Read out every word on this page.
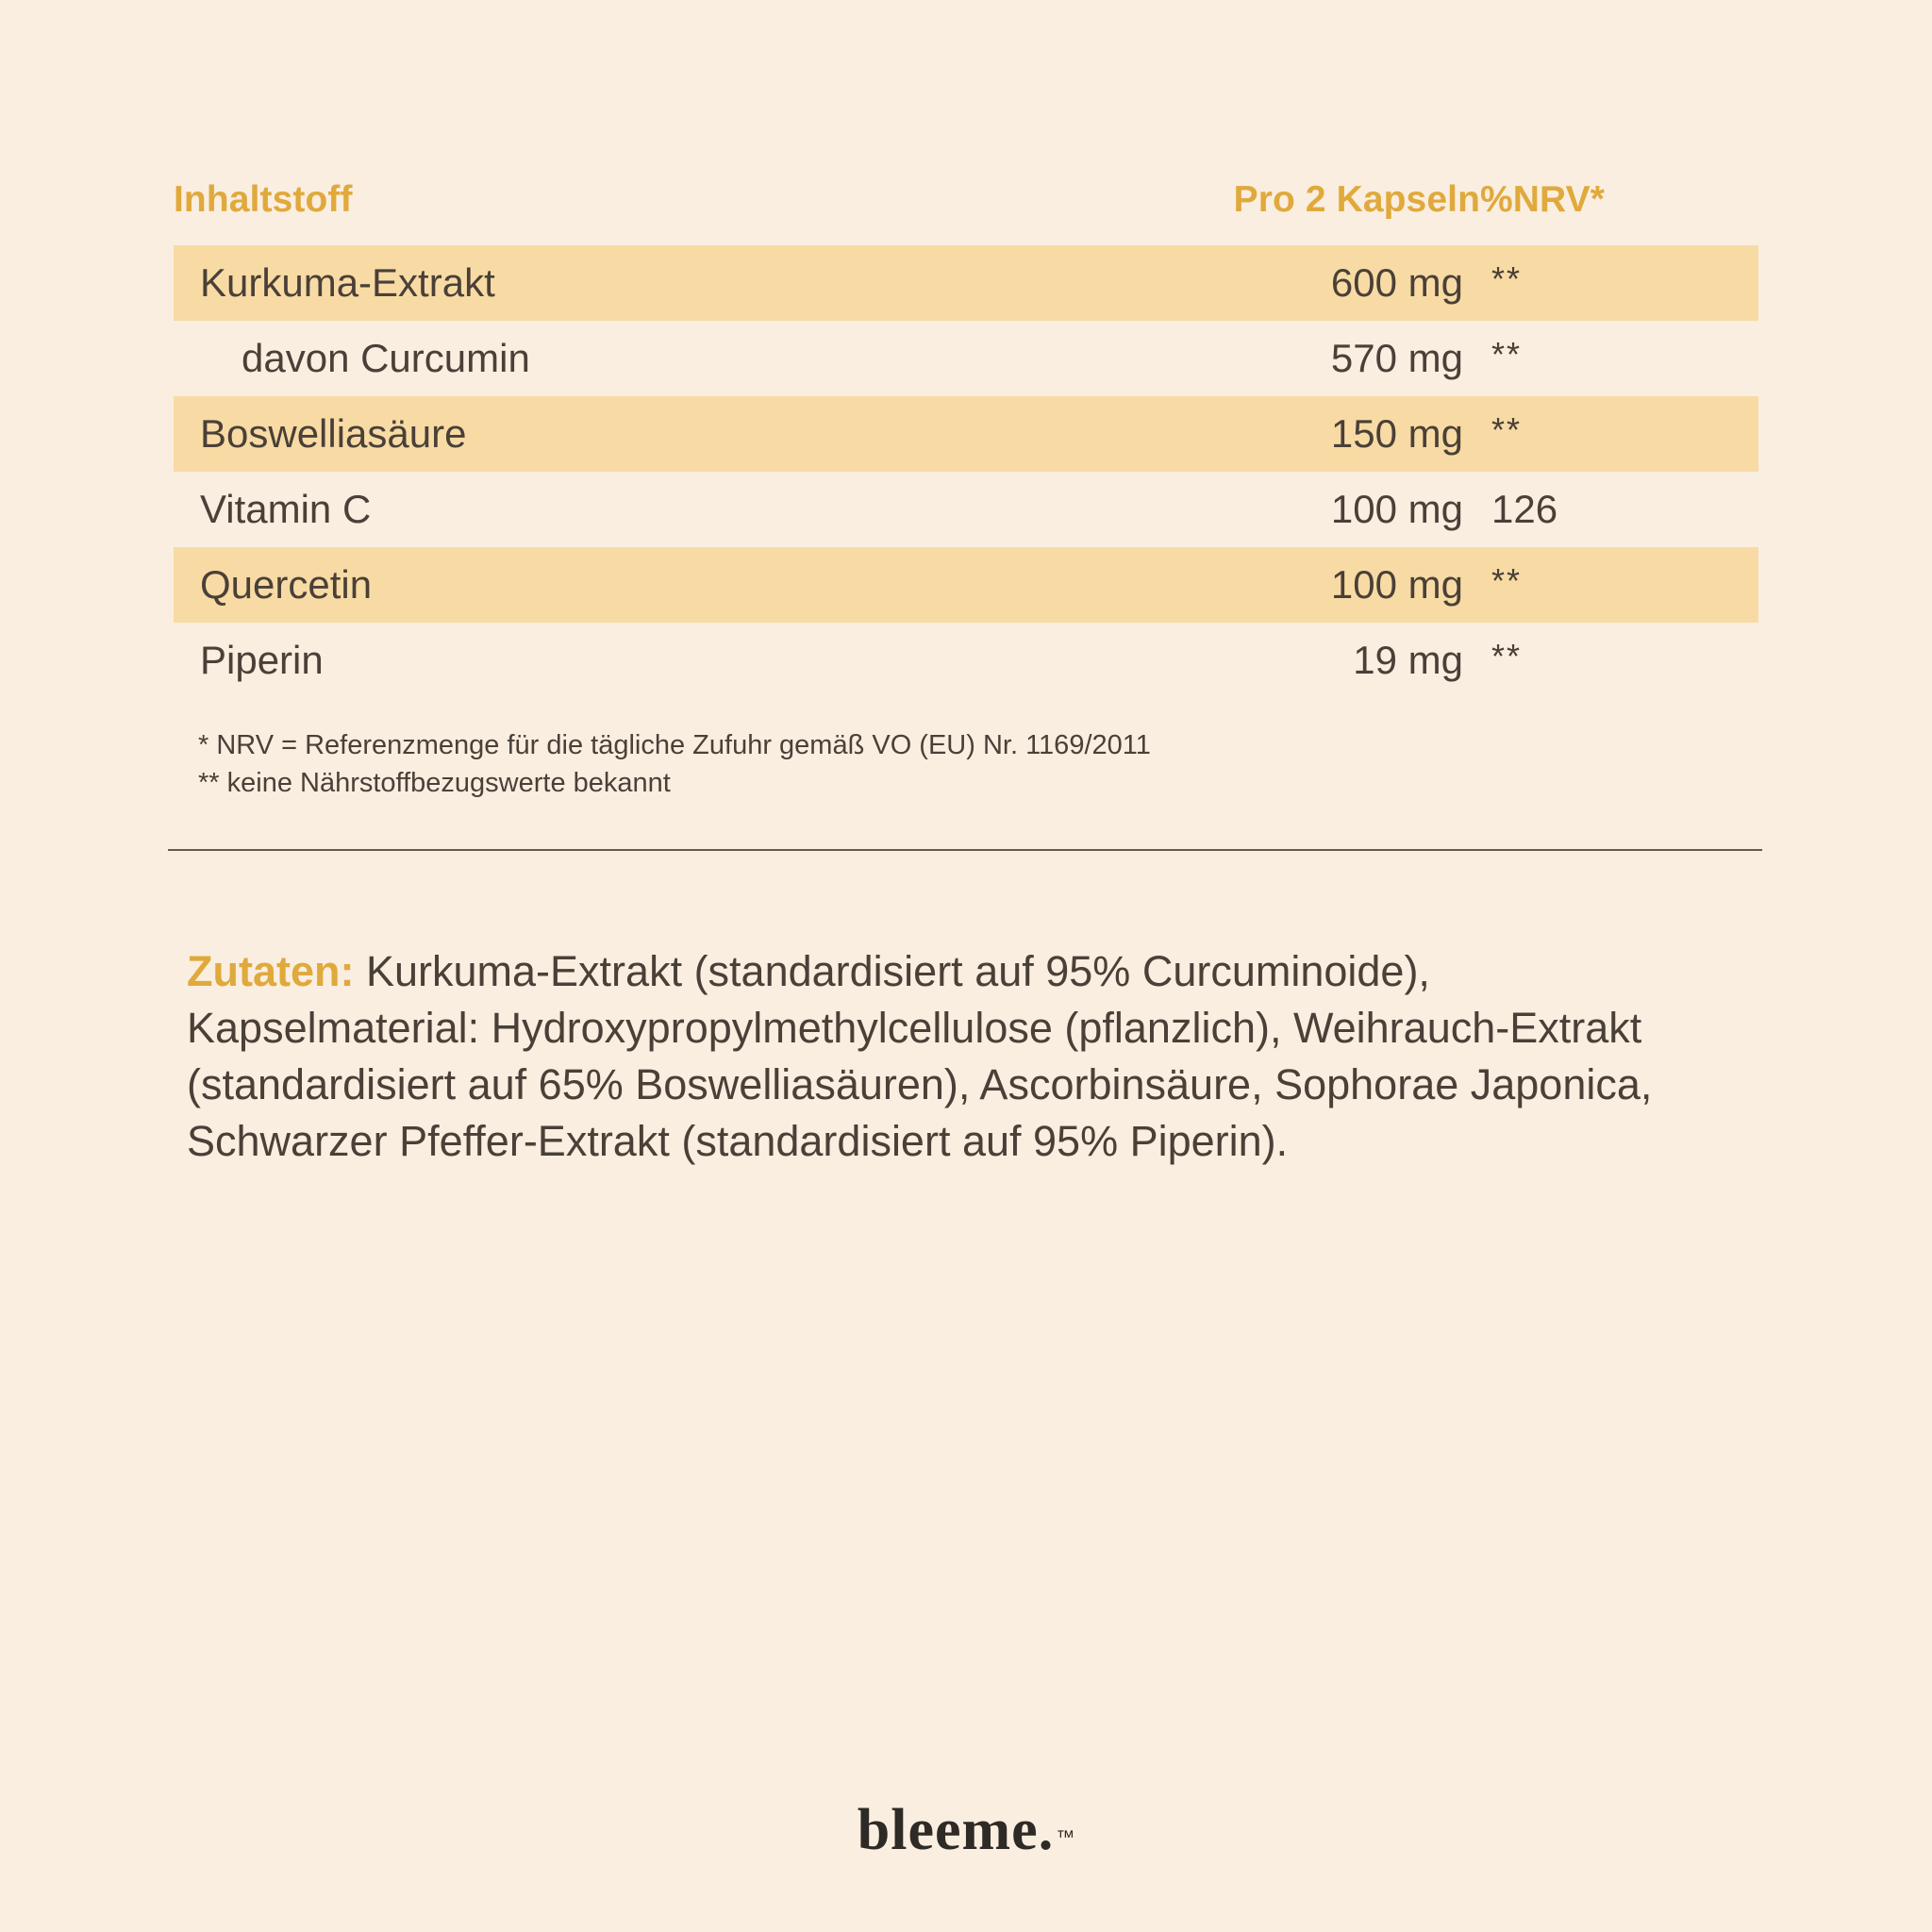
Inhaltstoff	Pro 2 Kapseln	%NRV*
Kurkuma-Extrakt	600 mg	**
davon Curcumin	570 mg	**
Boswelliasäure	150 mg	**
Vitamin C	100 mg	126
Quercetin	100 mg	**
Piperin	19 mg	**
* NRV = Referenzmenge für die tägliche Zufuhr gemäß VO (EU) Nr. 1169/2011
** keine Nährstoffbezugswerte bekannt

Zutaten: Kurkuma-Extrakt (standardisiert auf 95% Curcuminoide), Kapselmaterial: Hydroxypropylmethylcellulose (pflanzlich), Weihrauch-Extrakt (standardisiert auf 65% Boswelliasäuren), Ascorbinsäure, Sophorae Japonica, Schwarzer Pfeffer-Extrakt (standardisiert auf 95% Piperin).

bleeme. ™
